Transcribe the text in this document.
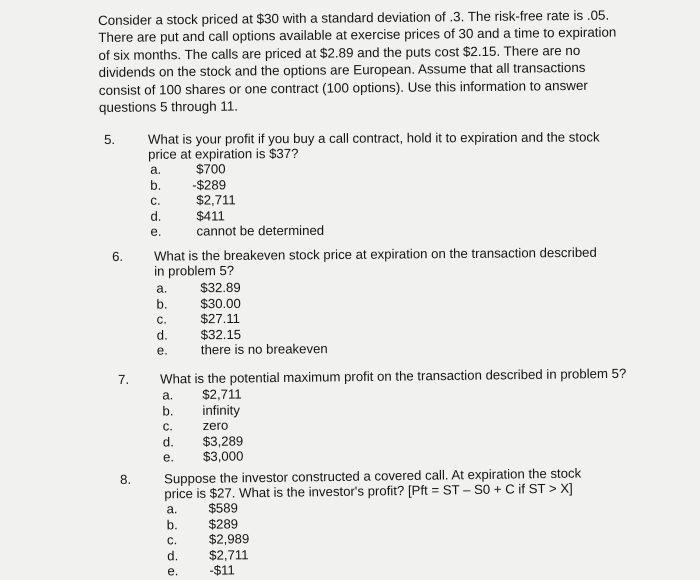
Consider a stock priced at $30 with a standard deviation of .3. The risk-free rate is .05. There are put and call options available at exercise prices of 30 and a time to expiration of six months. The calls are priced at $2.89 and the puts cost $2.15. There are no dividends on the stock and the options are European. Assume that all transactions consist of 100 shares or one contract (100 options). Use this information to answer questions 5 through 11.
5. What is your profit if you buy a call contract, hold it to expiration and the stock price at expiration is $37?
a.	$700
b. -$289
c.	$2,711
d.	$411
e.	cannot be determined
6. What is the breakeven stock price at expiration on the transaction described in problem 5?
a. $32.89
b. $30.00
c.	$27.11
d. $32.15
e. there is no breakeven
7. What is the potential maximum profit on the transaction described in problem 5?
a. $2,711
b. infinity
c. zero
d. $3,289
e. $3,000
8. Suppose the investor constructed a covered call. At expiration the stock price is $27. What is the investor's profit? [Pft = ST – S0 + C if ST > X]
a. $589
b. $289
c. $2,989
d. $2,711
e. -$11
